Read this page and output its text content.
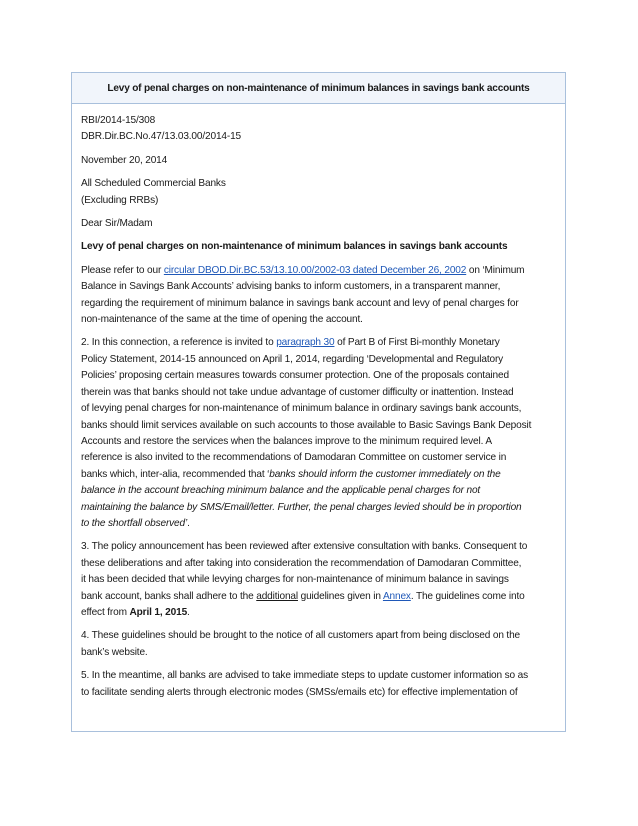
Levy of penal charges on non-maintenance of minimum balances in savings bank accounts

RBI/2014-15/308
DBR.Dir.BC.No.47/13.03.00/2014-15

November 20, 2014

All Scheduled Commercial Banks
(Excluding RRBs)

Dear Sir/Madam

Levy of penal charges on non-maintenance of minimum balances in savings bank accounts

Please refer to our circular DBOD.Dir.BC.53/13.10.00/2002-03 dated December 26, 2002 on ‘Minimum
Balance in Savings Bank Accounts’ advising banks to inform customers, in a transparent manner,
regarding the requirement of minimum balance in savings bank account and levy of penal charges for
non-maintenance of the same at the time of opening the account.

2. In this connection, a reference is invited to paragraph 30 of Part B of First Bi-monthly Monetary
Policy Statement, 2014-15 announced on April 1, 2014, regarding ‘Developmental and Regulatory
Policies’ proposing certain measures towards consumer protection. One of the proposals contained
therein was that banks should not take undue advantage of customer difficulty or inattention. Instead
of levying penal charges for non-maintenance of minimum balance in ordinary savings bank accounts,
banks should limit services available on such accounts to those available to Basic Savings Bank Deposit
Accounts and restore the services when the balances improve to the minimum required level. A
reference is also invited to the recommendations of Damodaran Committee on customer service in
banks which, inter-alia, recommended that ‘banks should inform the customer immediately on the
balance in the account breaching minimum balance and the applicable penal charges for not
maintaining the balance by SMS/Email/letter. Further, the penal charges levied should be in proportion
to the shortfall observed’.

3. The policy announcement has been reviewed after extensive consultation with banks. Consequent to
these deliberations and after taking into consideration the recommendation of Damodaran Committee,
it has been decided that while levying charges for non-maintenance of minimum balance in savings
bank account, banks shall adhere to the additional guidelines given in Annex. The guidelines come into
effect from April 1, 2015.

4. These guidelines should be brought to the notice of all customers apart from being disclosed on the
bank’s website.

5. In the meantime, all banks are advised to take immediate steps to update customer information so as
to facilitate sending alerts through electronic modes (SMSs/emails etc) for effective implementation of
